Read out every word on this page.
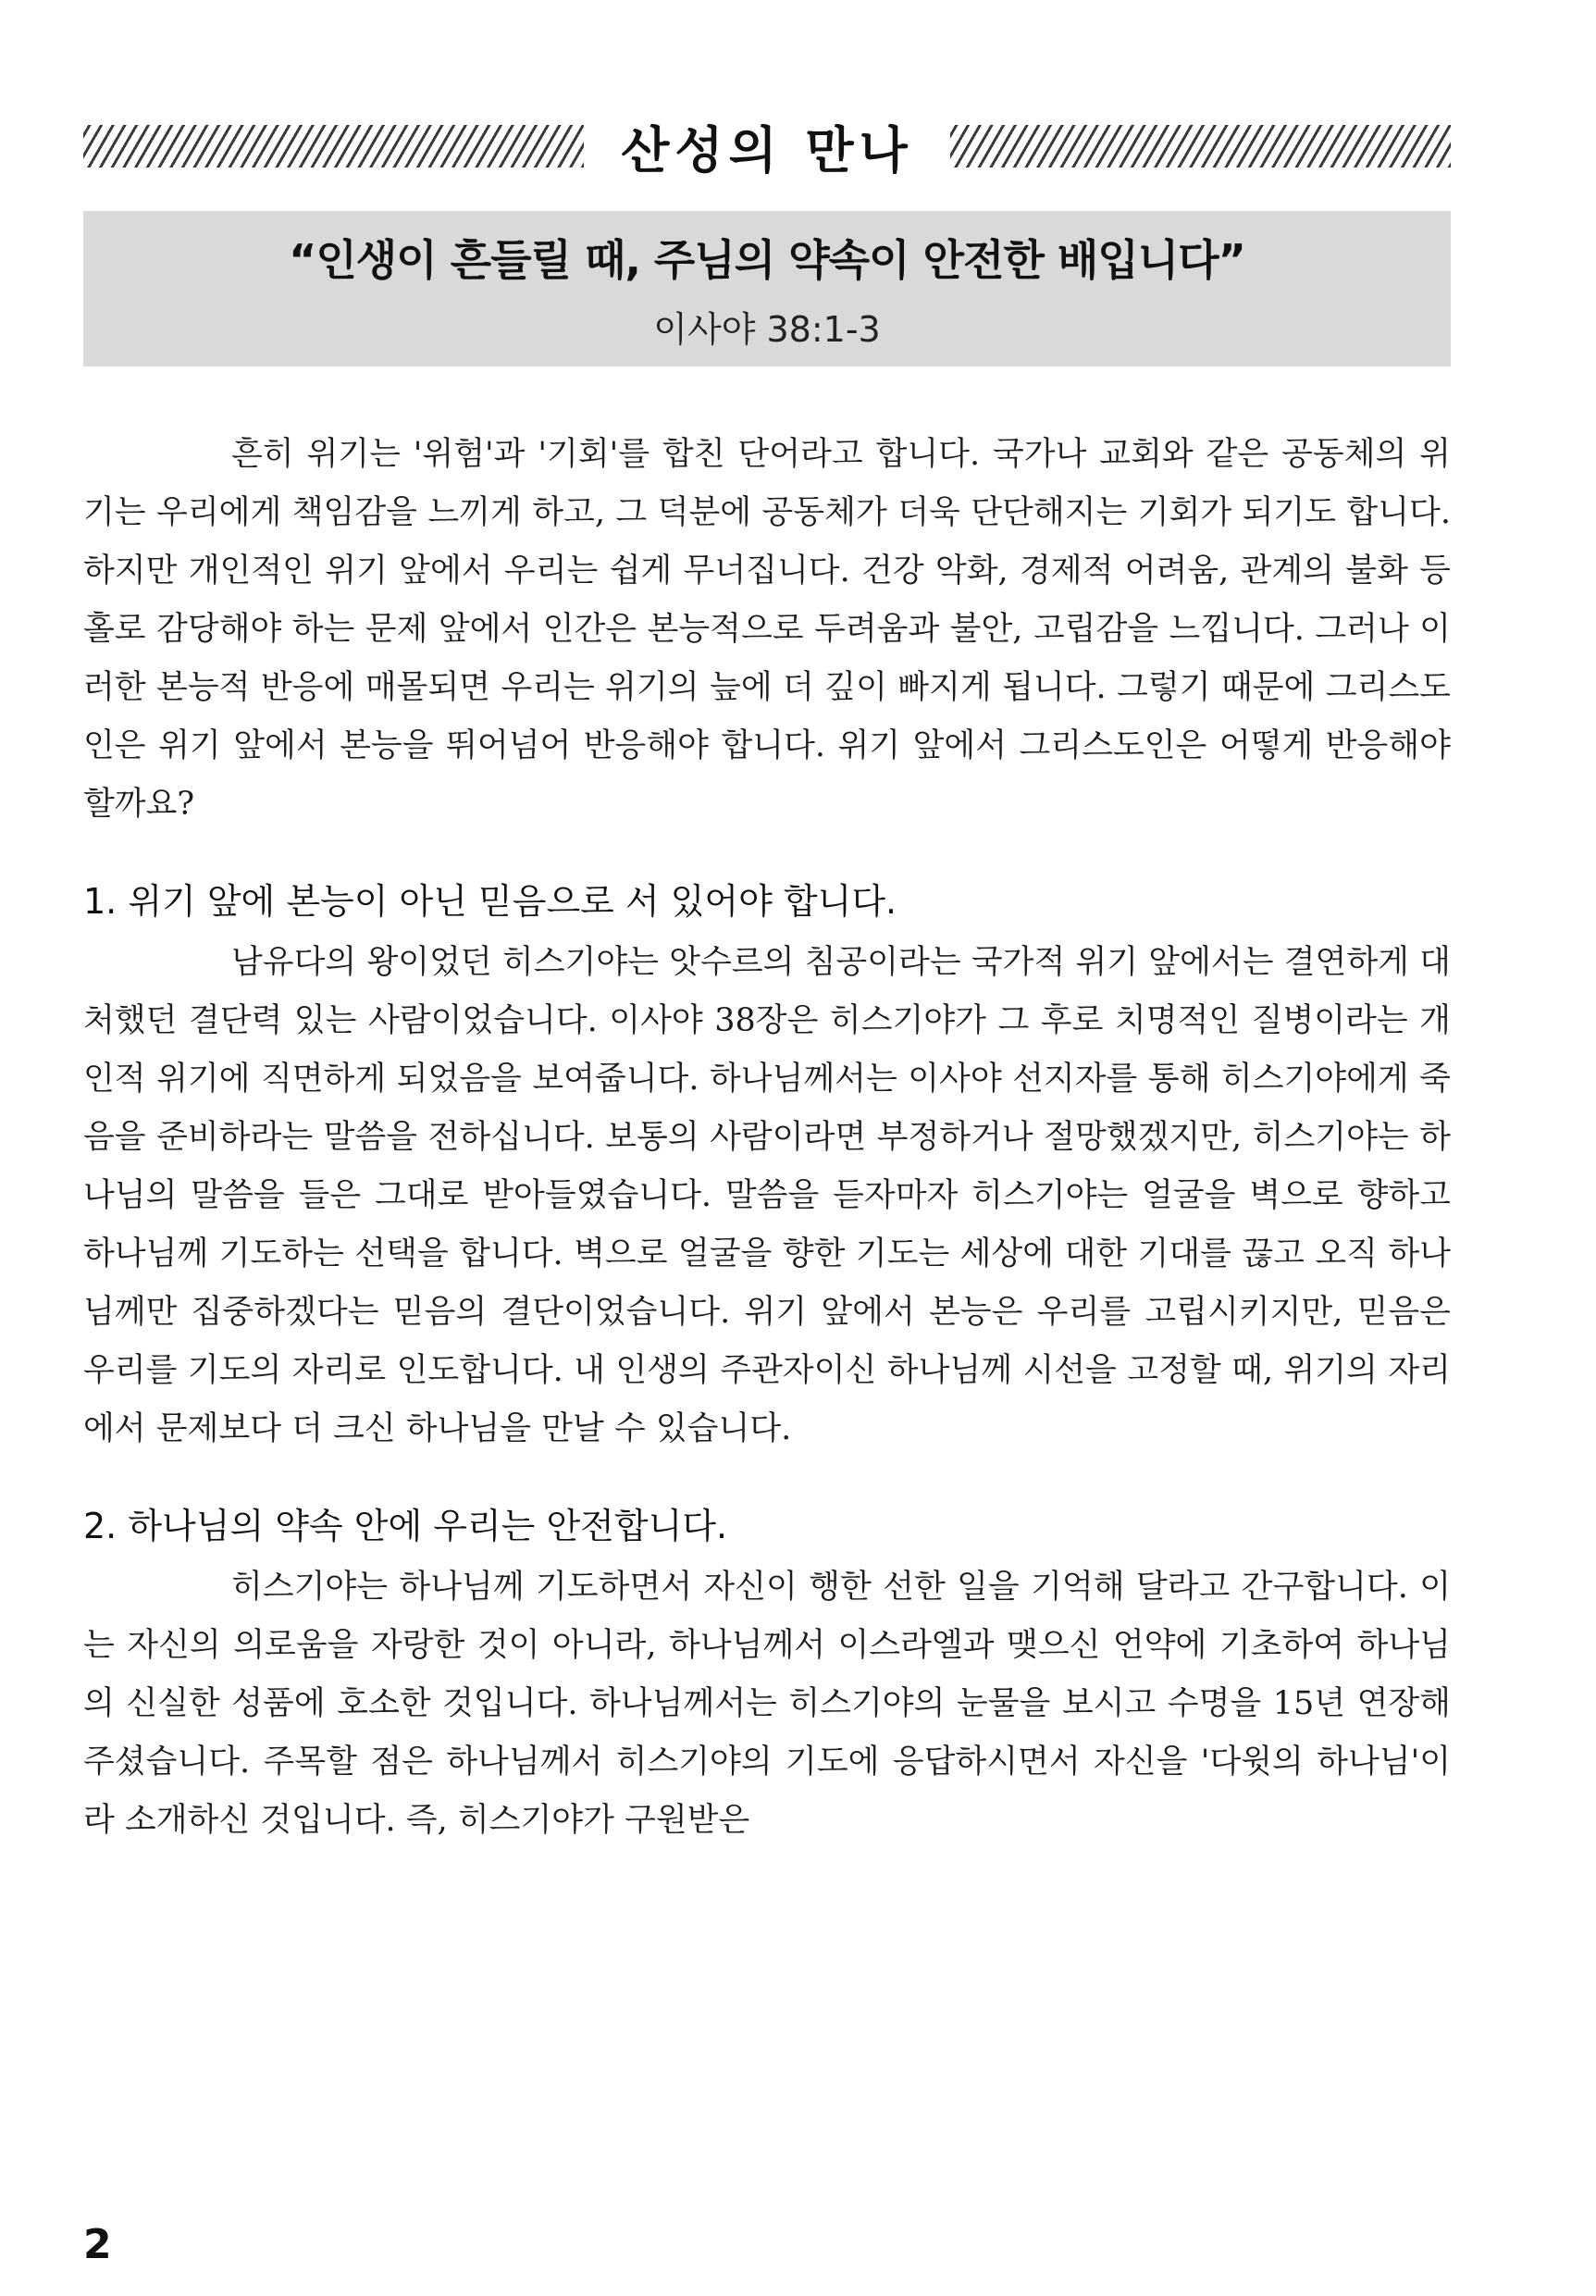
산성의 만나
“인생이 흔들릴 때, 주님의 약속이 안전한 배입니다”
이사야 38:1-3

흔히 위기는 '위험'과 '기회'를 합친 단어라고 합니다. 국가나 교회와 같은 공동체의 위기는 우리에게 책임감을 느끼게 하고, 그 덕분에 공동체가 더욱 단단해지는 기회가 되기도 합니다. 하지만 개인적인 위기 앞에서 우리는 쉽게 무너집니다. 건강 악화, 경제적 어려움, 관계의 불화 등 홀로 감당해야 하는 문제 앞에서 인간은 본능적으로 두려움과 불안, 고립감을 느낍니다. 그러나 이러한 본능적 반응에 매몰되면 우리는 위기의 늪에 더 깊이 빠지게 됩니다. 그렇기 때문에 그리스도인은 위기 앞에서 본능을 뛰어넘어 반응해야 합니다. 위기 앞에서 그리스도인은 어떻게 반응해야 할까요?

1. 위기 앞에 본능이 아닌 믿음으로 서 있어야 합니다.

남유다의 왕이었던 히스기야는 앗수르의 침공이라는 국가적 위기 앞에서는 결연하게 대처했던 결단력 있는 사람이었습니다. 이사야 38장은 히스기야가 그 후로 치명적인 질병이라는 개인적 위기에 직면하게 되었음을 보여줍니다. 하나님께서는 이사야 선지자를 통해 히스기야에게 죽음을 준비하라는 말씀을 전하십니다. 보통의 사람이라면 부정하거나 절망했겠지만, 히스기야는 하나님의 말씀을 들은 그대로 받아들였습니다. 말씀을 듣자마자 히스기야는 얼굴을 벽으로 향하고 하나님께 기도하는 선택을 합니다. 벽으로 얼굴을 향한 기도는 세상에 대한 기대를 끊고 오직 하나님께만 집중하겠다는 믿음의 결단이었습니다. 위기 앞에서 본능은 우리를 고립시키지만, 믿음은 우리를 기도의 자리로 인도합니다. 내 인생의 주관자이신 하나님께 시선을 고정할 때, 위기의 자리에서 문제보다 더 크신 하나님을 만날 수 있습니다.

2. 하나님의 약속 안에 우리는 안전합니다.

히스기야는 하나님께 기도하면서 자신이 행한 선한 일을 기억해 달라고 간구합니다. 이는 자신의 의로움을 자랑한 것이 아니라, 하나님께서 이스라엘과 맺으신 언약에 기초하여 하나님의 신실한 성품에 호소한 것입니다. 하나님께서는 히스기야의 눈물을 보시고 수명을 15년 연장해 주셨습니다. 주목할 점은 하나님께서 히스기야의 기도에 응답하시면서 자신을 '다윗의 하나님'이라 소개하신 것입니다. 즉, 히스기야가 구원받은

2
